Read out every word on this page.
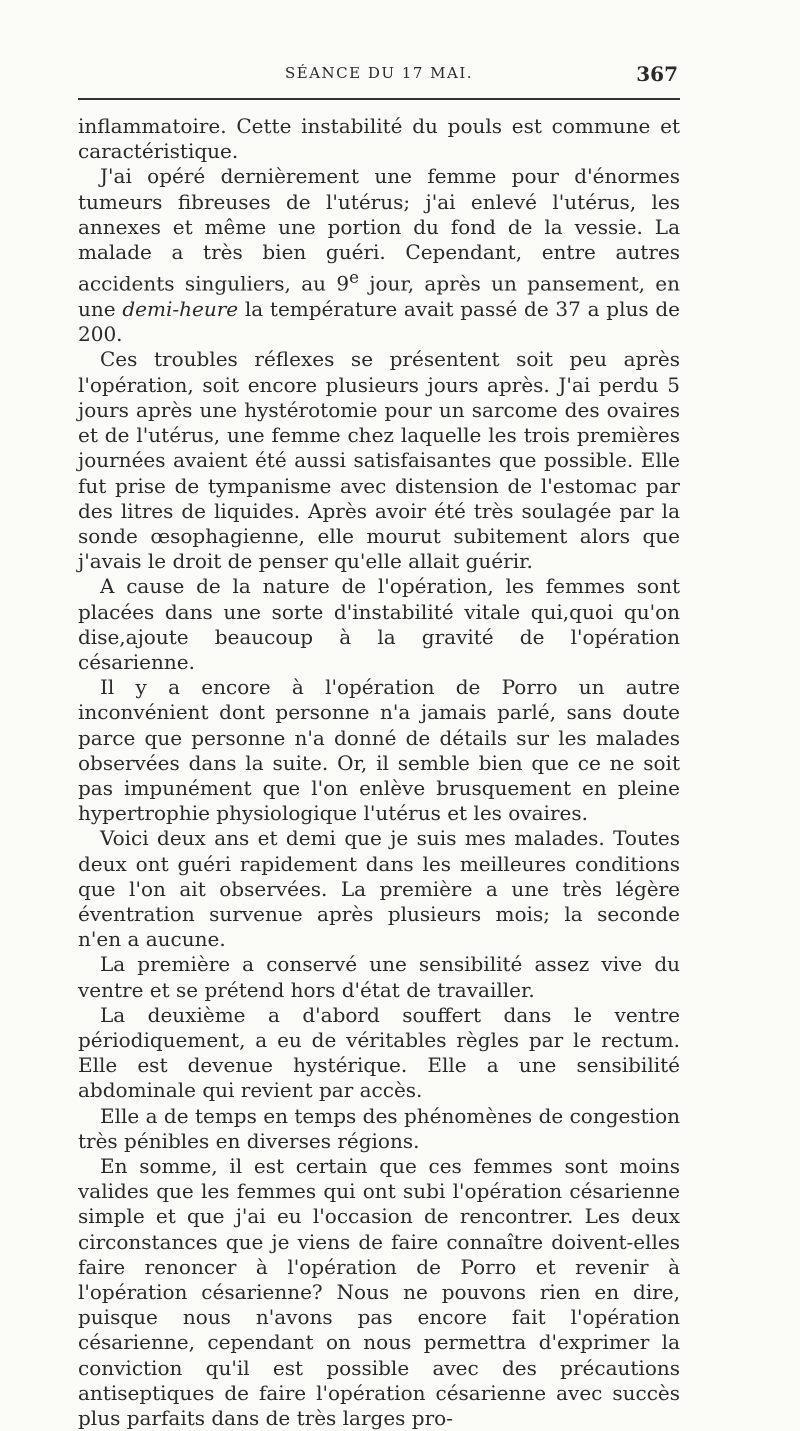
SÉANCE DU 17 MAI.	367

inflammatoire. Cette instabilité du pouls est commune et caractéristique.

J'ai opéré dernièrement une femme pour d'énormes tumeurs fibreuses de l'utérus; j'ai enlevé l'utérus, les annexes et même une portion du fond de la vessie. La malade a très bien guéri. Cependant, entre autres accidents singuliers, au 9e jour, après un pansement, en une demi-heure la température avait passé de 37 a plus de 200.

Ces troubles réflexes se présentent soit peu après l'opération, soit encore plusieurs jours après. J'ai perdu 5 jours après une hystérotomie pour un sarcome des ovaires et de l'utérus, une femme chez laquelle les trois premières journées avaient été aussi satisfaisantes que possible. Elle fut prise de tympanisme avec distension de l'estomac par des litres de liquides. Après avoir été très soulagée par la sonde œsophagienne, elle mourut subitement alors que j'avais le droit de penser qu'elle allait guérir.

A cause de la nature de l'opération, les femmes sont placées dans une sorte d'instabilité vitale qui,quoi qu'on dise,ajoute beaucoup à la gravité de l'opération césarienne.

Il y a encore à l'opération de Porro un autre inconvénient dont personne n'a jamais parlé, sans doute parce que personne n'a donné de détails sur les malades observées dans la suite. Or, il semble bien que ce ne soit pas impunément que l'on enlève brusquement en pleine hypertrophie physiologique l'utérus et les ovaires.

Voici deux ans et demi que je suis mes malades. Toutes deux ont guéri rapidement dans les meilleures conditions que l'on ait observées. La première a une très légère éventration survenue après plusieurs mois; la seconde n'en a aucune.

La première a conservé une sensibilité assez vive du ventre et se prétend hors d'état de travailler.

La deuxième a d'abord souffert dans le ventre périodiquement, a eu de véritables règles par le rectum. Elle est devenue hystérique. Elle a une sensibilité abdominale qui revient par accès.

Elle a de temps en temps des phénomènes de congestion très pénibles en diverses régions.

En somme, il est certain que ces femmes sont moins valides que les femmes qui ont subi l'opération césarienne simple et que j'ai eu l'occasion de rencontrer. Les deux circonstances que je viens de faire connaître doivent-elles faire renoncer à l'opération de Porro et revenir à l'opération césarienne? Nous ne pouvons rien en dire, puisque nous n'avons pas encore fait l'opération césarienne, cependant on nous permettra d'exprimer la conviction qu'il est possible avec des précautions antiseptiques de faire l'opération césarienne avec succès plus parfaits dans de très larges pro-
